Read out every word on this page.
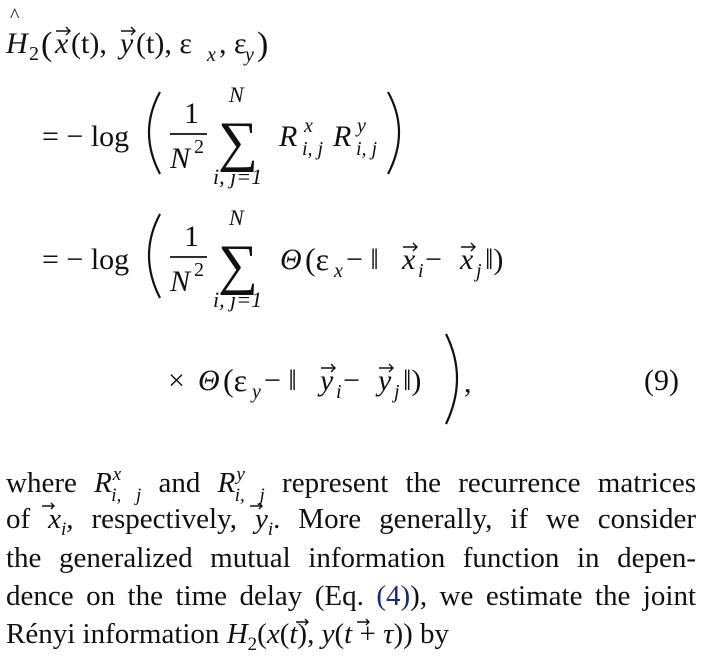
H
^
2 ( x (t), y (t), ε x , ε
y )
= − log
1
N 2
N
∑
i, j=1
R x
i, j R y
i, j
= − log
1
N 2
N
∑
i, j=1
Θ (ε x − ‖ x i − x j ‖)
× Θ (ε y − ‖ y i − y j ‖) ,	(9)
where $R^x_{i, j}$ and $R^y_{i, j}$ represent the recurrence matrices
of $x_i$, respectively, $y_i$. More generally, if we consider
the generalized mutual information function in depen-
dence on the time delay (Eq. (4)), we estimate the joint
Rényi information $H_2(x(t)$, y(t + τ)) by
